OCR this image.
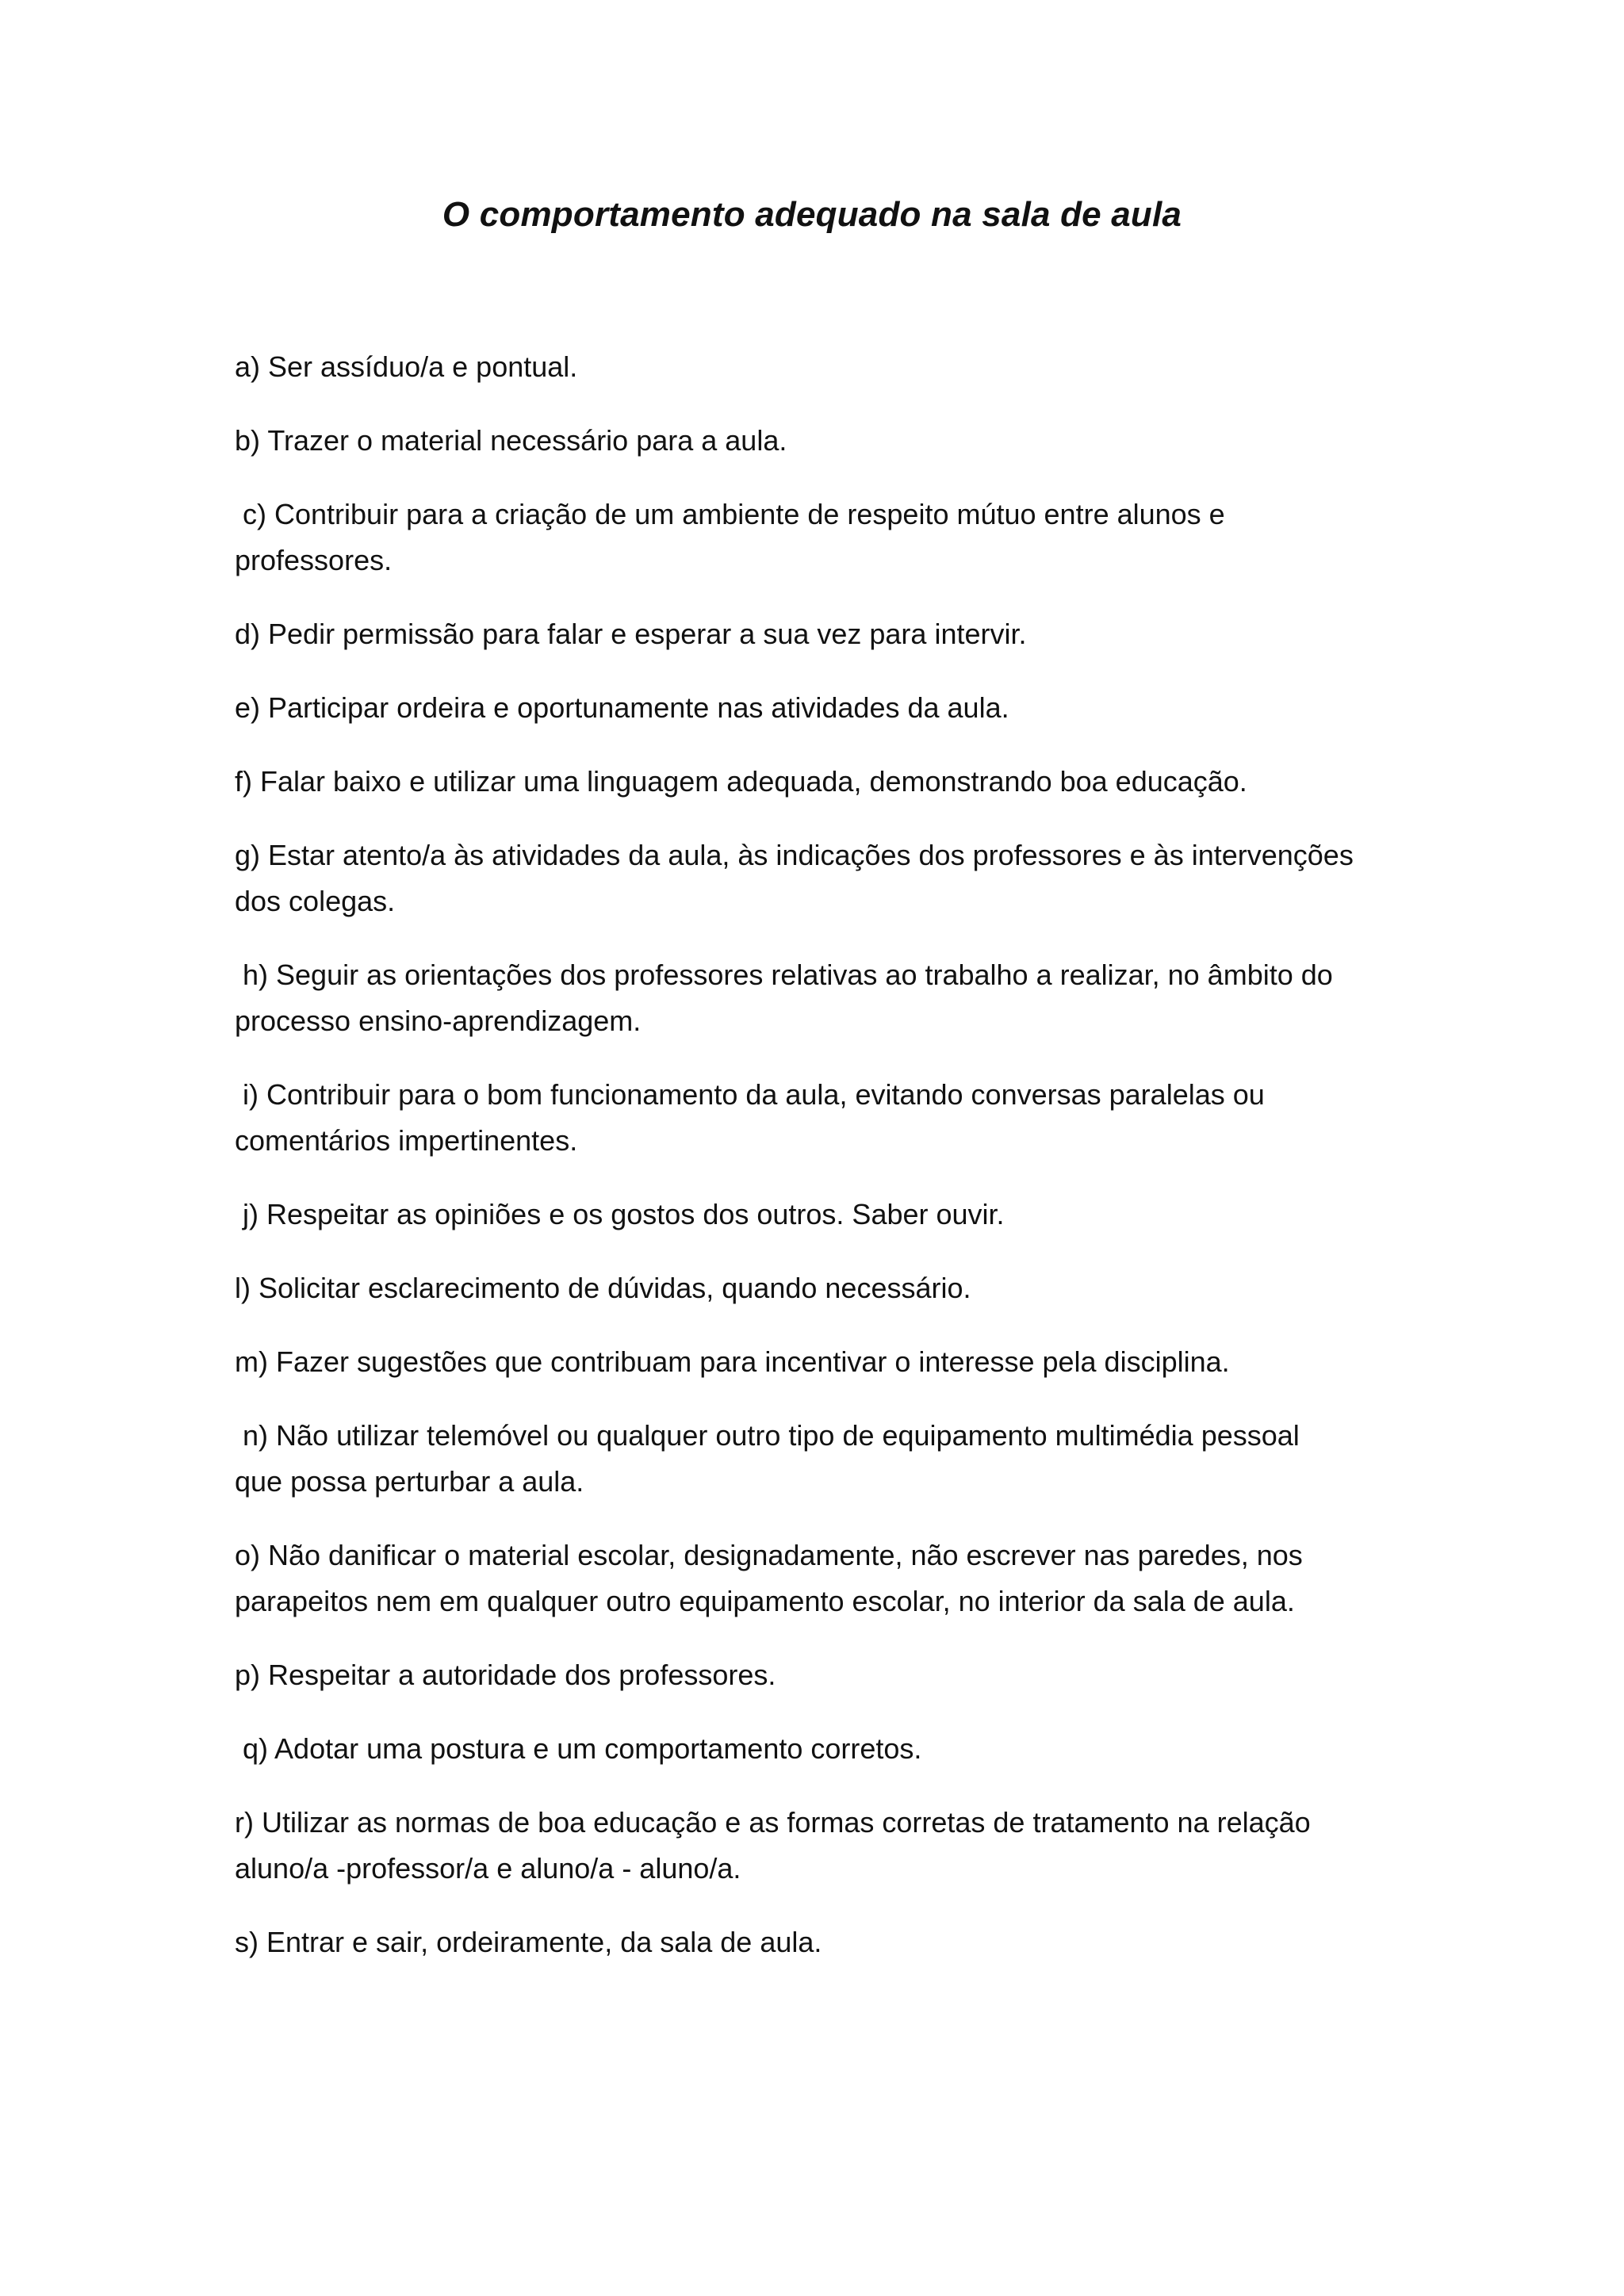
O comportamento adequado na sala de aula
a) Ser assíduo/a e pontual.
b) Trazer o material necessário para a aula.
c) Contribuir para a criação de um ambiente de respeito mútuo entre alunos e
professores.
d) Pedir permissão para falar e esperar a sua vez para intervir.
e) Participar ordeira e oportunamente nas atividades da aula.
f) Falar baixo e utilizar uma linguagem adequada, demonstrando boa educação.
g) Estar atento/a às atividades da aula, às indicações dos professores e às intervenções
dos colegas.
h) Seguir as orientações dos professores relativas ao trabalho a realizar, no âmbito do
processo ensino-aprendizagem.
i) Contribuir para o bom funcionamento da aula, evitando conversas paralelas ou
comentários impertinentes.
j) Respeitar as opiniões e os gostos dos outros. Saber ouvir.
l) Solicitar esclarecimento de dúvidas, quando necessário.
m) Fazer sugestões que contribuam para incentivar o interesse pela disciplina.
n) Não utilizar telemóvel ou qualquer outro tipo de equipamento multimédia pessoal
que possa perturbar a aula.
o) Não danificar o material escolar, designadamente, não escrever nas paredes, nos
parapeitos nem em qualquer outro equipamento escolar, no interior da sala de aula.
p) Respeitar a autoridade dos professores.
q) Adotar uma postura e um comportamento corretos.
r) Utilizar as normas de boa educação e as formas corretas de tratamento na relação
aluno/a -professor/a e aluno/a - aluno/a.
s) Entrar e sair, ordeiramente, da sala de aula.
